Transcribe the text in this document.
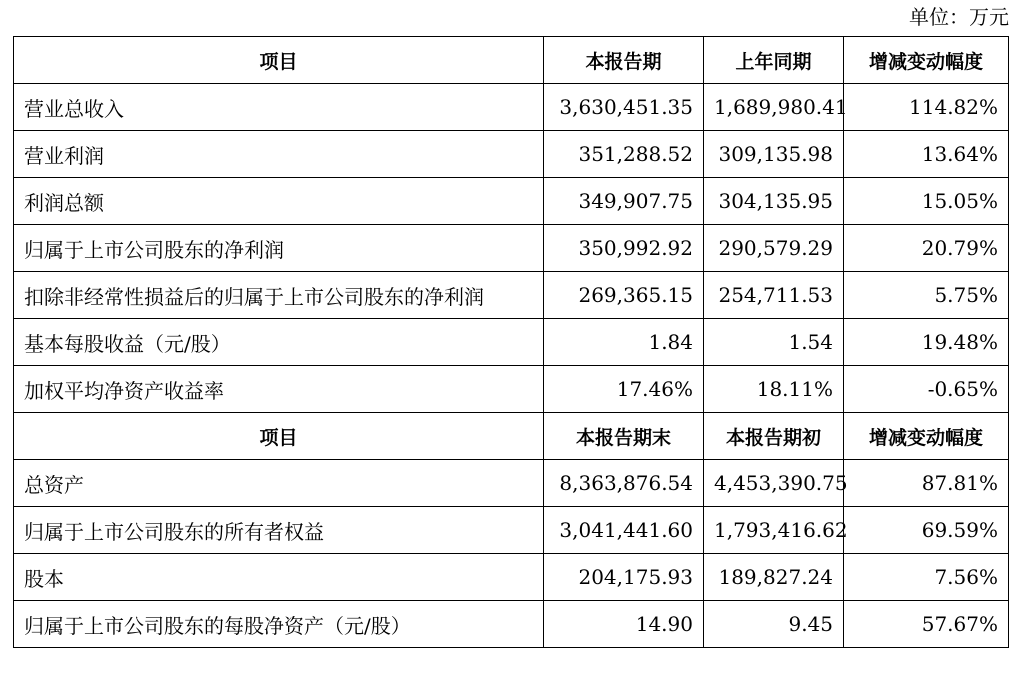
单位：万元
项目	本报告期	上年同期	增减变动幅度
营业总收入	3,630,451.35	1,689,980.41	114.82%
营业利润	351,288.52	309,135.98	13.64%
利润总额	349,907.75	304,135.95	15.05%
归属于上市公司股东的净利润	350,992.92	290,579.29	20.79%
扣除非经常性损益后的归属于上市公司股东的净利润	269,365.15	254,711.53	5.75%
基本每股收益（元/股）	1.84	1.54	19.48%
加权平均净资产收益率	17.46%	18.11%	-0.65%
项目	本报告期末	本报告期初	增减变动幅度
总资产	8,363,876.54	4,453,390.75	87.81%
归属于上市公司股东的所有者权益	3,041,441.60	1,793,416.62	69.59%
股本	204,175.93	189,827.24	7.56%
归属于上市公司股东的每股净资产（元/股）	14.90	9.45	57.67%
